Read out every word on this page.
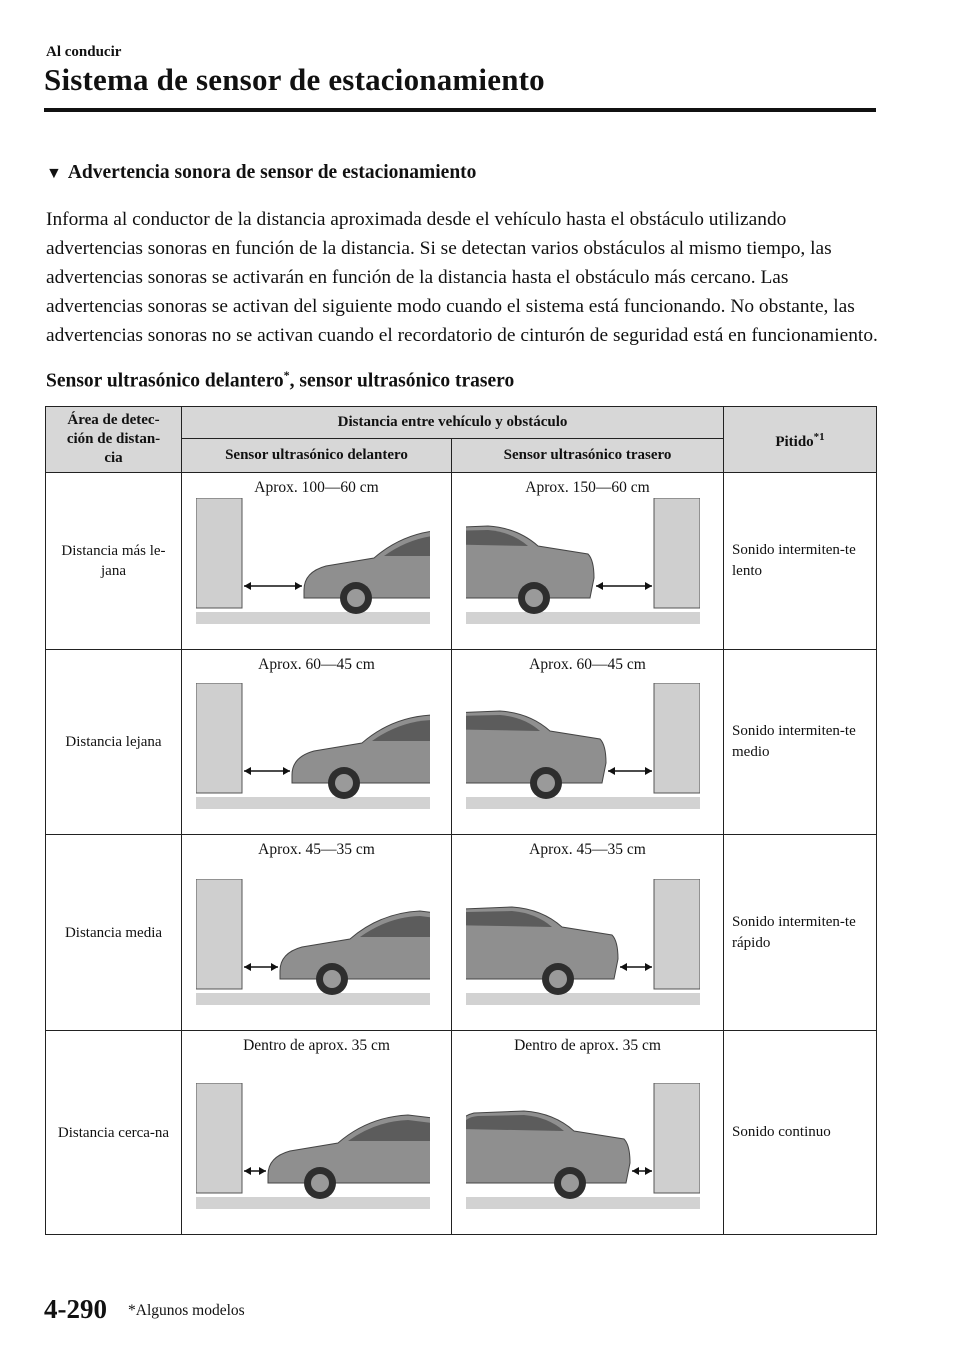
Al conducir
Sistema de sensor de estacionamiento
▼ Advertencia sonora de sensor de estacionamiento
Informa al conductor de la distancia aproximada desde el vehículo hasta el obstáculo utilizando advertencias sonoras en función de la distancia. Si se detectan varios obstáculos al mismo tiempo, las advertencias sonoras se activarán en función de la distancia hasta el obstáculo más cercano. Las advertencias sonoras se activan del siguiente modo cuando el sistema está funcionando. No obstante, las advertencias sonoras no se activan cuando el recordatorio de cinturón de seguridad está en funcionamiento.
Sensor ultrasónico delantero*, sensor ultrasónico trasero
Área de detec-ción de distan-cia	Distancia entre vehículo y obstáculo		Pitido$^{*1}$
	Sensor ultrasónico delantero	Sensor ultrasónico trasero	
Distancia más le-jana	Aprox. 100―60 cm	Aprox. 150―60 cm	Sonido intermiten-te lento
Distancia lejana	Aprox. 60―45 cm	Aprox. 60―45 cm	Sonido intermiten-te medio
Distancia media	Aprox. 45―35 cm	Aprox. 45―35 cm	Sonido intermiten-te rápido
Distancia cerca-na	Dentro de aprox. 35 cm	Dentro de aprox. 35 cm	Sonido continuo
4-290 *Algunos modelos
